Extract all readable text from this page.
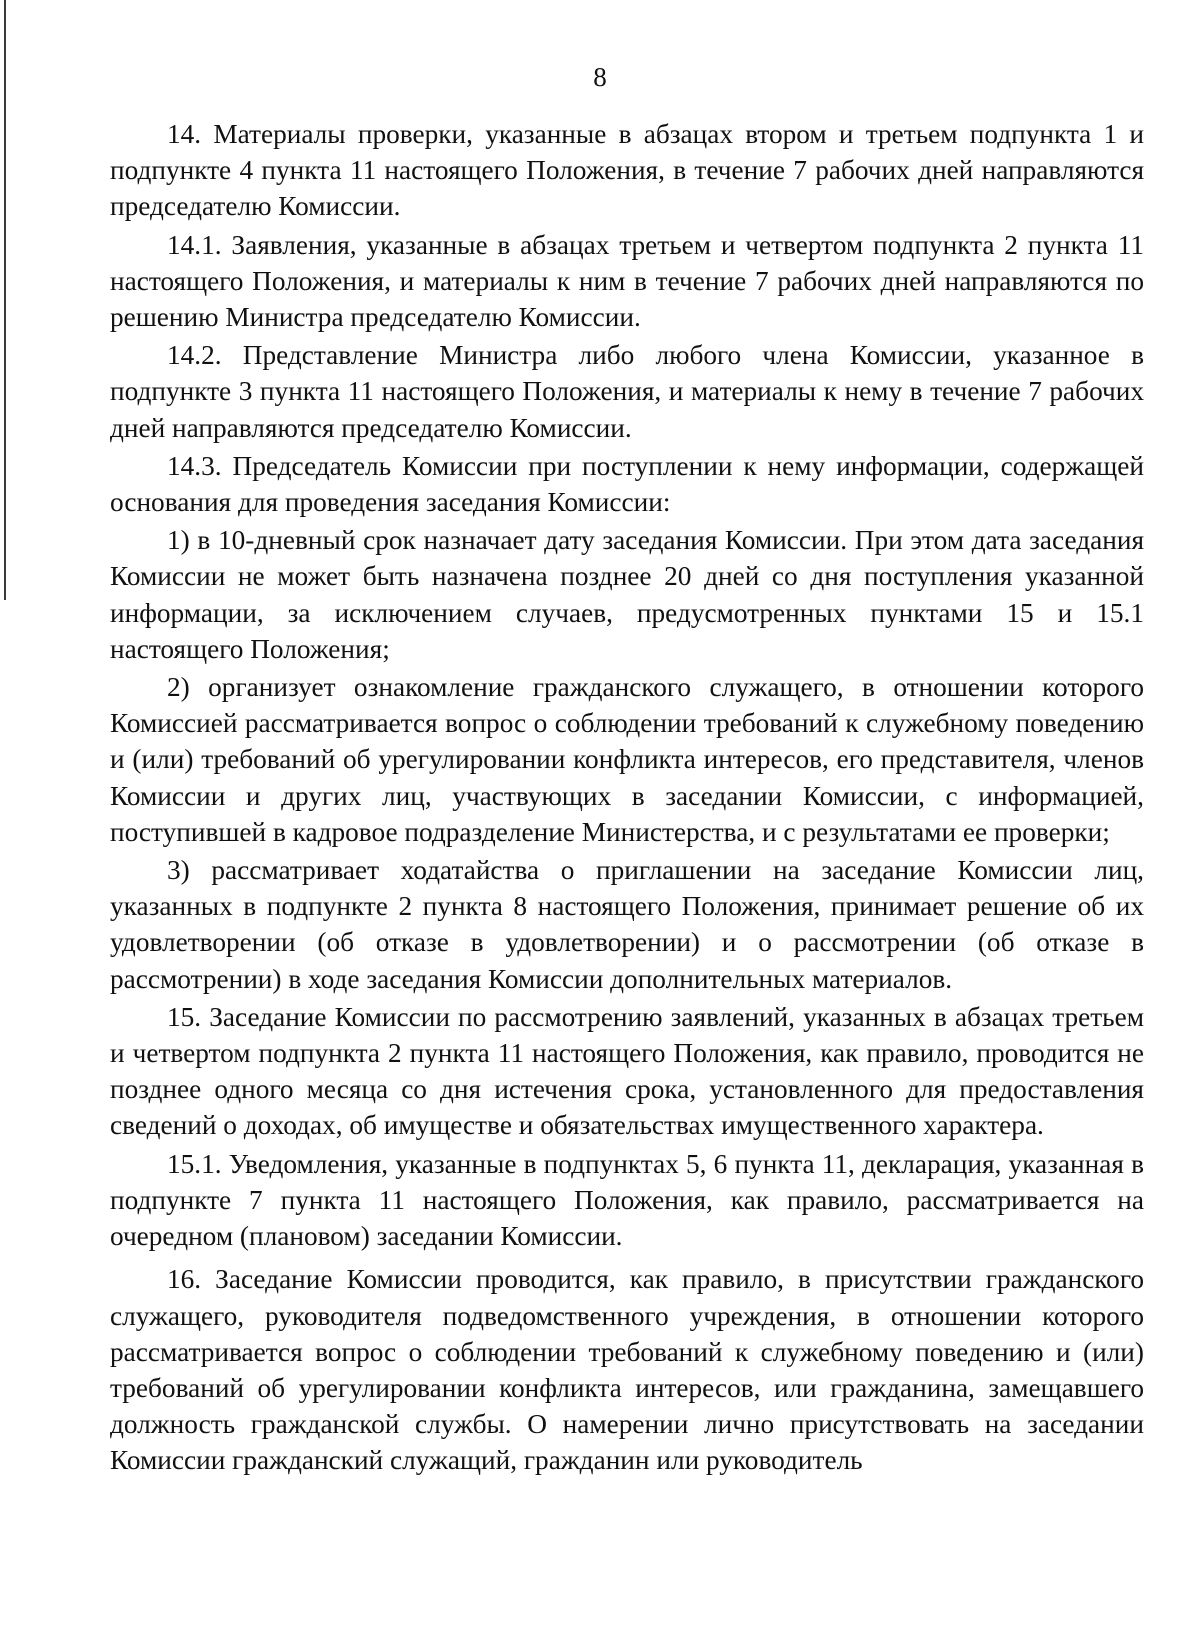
8

14. Материалы проверки, указанные в абзацах втором и третьем подпункта 1 и подпункте 4 пункта 11 настоящего Положения, в течение 7 рабочих дней направляются председателю Комиссии.

14.1. Заявления, указанные в абзацах третьем и четвертом подпункта 2 пункта 11 настоящего Положения, и материалы к ним в течение 7 рабочих дней направляются по решению Министра председателю Комиссии.

14.2. Представление Министра либо любого члена Комиссии, указанное в подпункте 3 пункта 11 настоящего Положения, и материалы к нему в течение 7 рабочих дней направляются председателю Комиссии.

14.3. Председатель Комиссии при поступлении к нему информации, содержащей основания для проведения заседания Комиссии:

1) в 10-дневный срок назначает дату заседания Комиссии. При этом дата заседания Комиссии не может быть назначена позднее 20 дней со дня поступления указанной информации, за исключением случаев, предусмотренных пунктами 15 и 15.1 настоящего Положения;

2) организует ознакомление гражданского служащего, в отношении которого Комиссией рассматривается вопрос о соблюдении требований к служебному поведению и (или) требований об урегулировании конфликта интересов, его представителя, членов Комиссии и других лиц, участвующих в заседании Комиссии, с информацией, поступившей в кадровое подразделение Министерства, и с результатами ее проверки;

3) рассматривает ходатайства о приглашении на заседание Комиссии лиц, указанных в подпункте 2 пункта 8 настоящего Положения, принимает решение об их удовлетворении (об отказе в удовлетворении) и о рассмотрении (об отказе в рассмотрении) в ходе заседания Комиссии дополнительных материалов.

15. Заседание Комиссии по рассмотрению заявлений, указанных в абзацах третьем и четвертом подпункта 2 пункта 11 настоящего Положения, как правило, проводится не позднее одного месяца со дня истечения срока, установленного для предоставления сведений о доходах, об имуществе и обязательствах имущественного характера.

15.1. Уведомления, указанные в подпунктах 5, 6 пункта 11, декларация, указанная в подпункте 7 пункта 11 настоящего Положения, как правило, рассматривается на очередном (плановом) заседании Комиссии.

16. Заседание Комиссии проводится, как правило, в присутствии гражданского служащего, руководителя подведомственного учреждения, в отношении которого рассматривается вопрос о соблюдении требований к служебному поведению и (или) требований об урегулировании конфликта интересов, или гражданина, замещавшего должность гражданской службы. О намерении лично присутствовать на заседании Комиссии гражданский служащий, гражданин или руководитель
